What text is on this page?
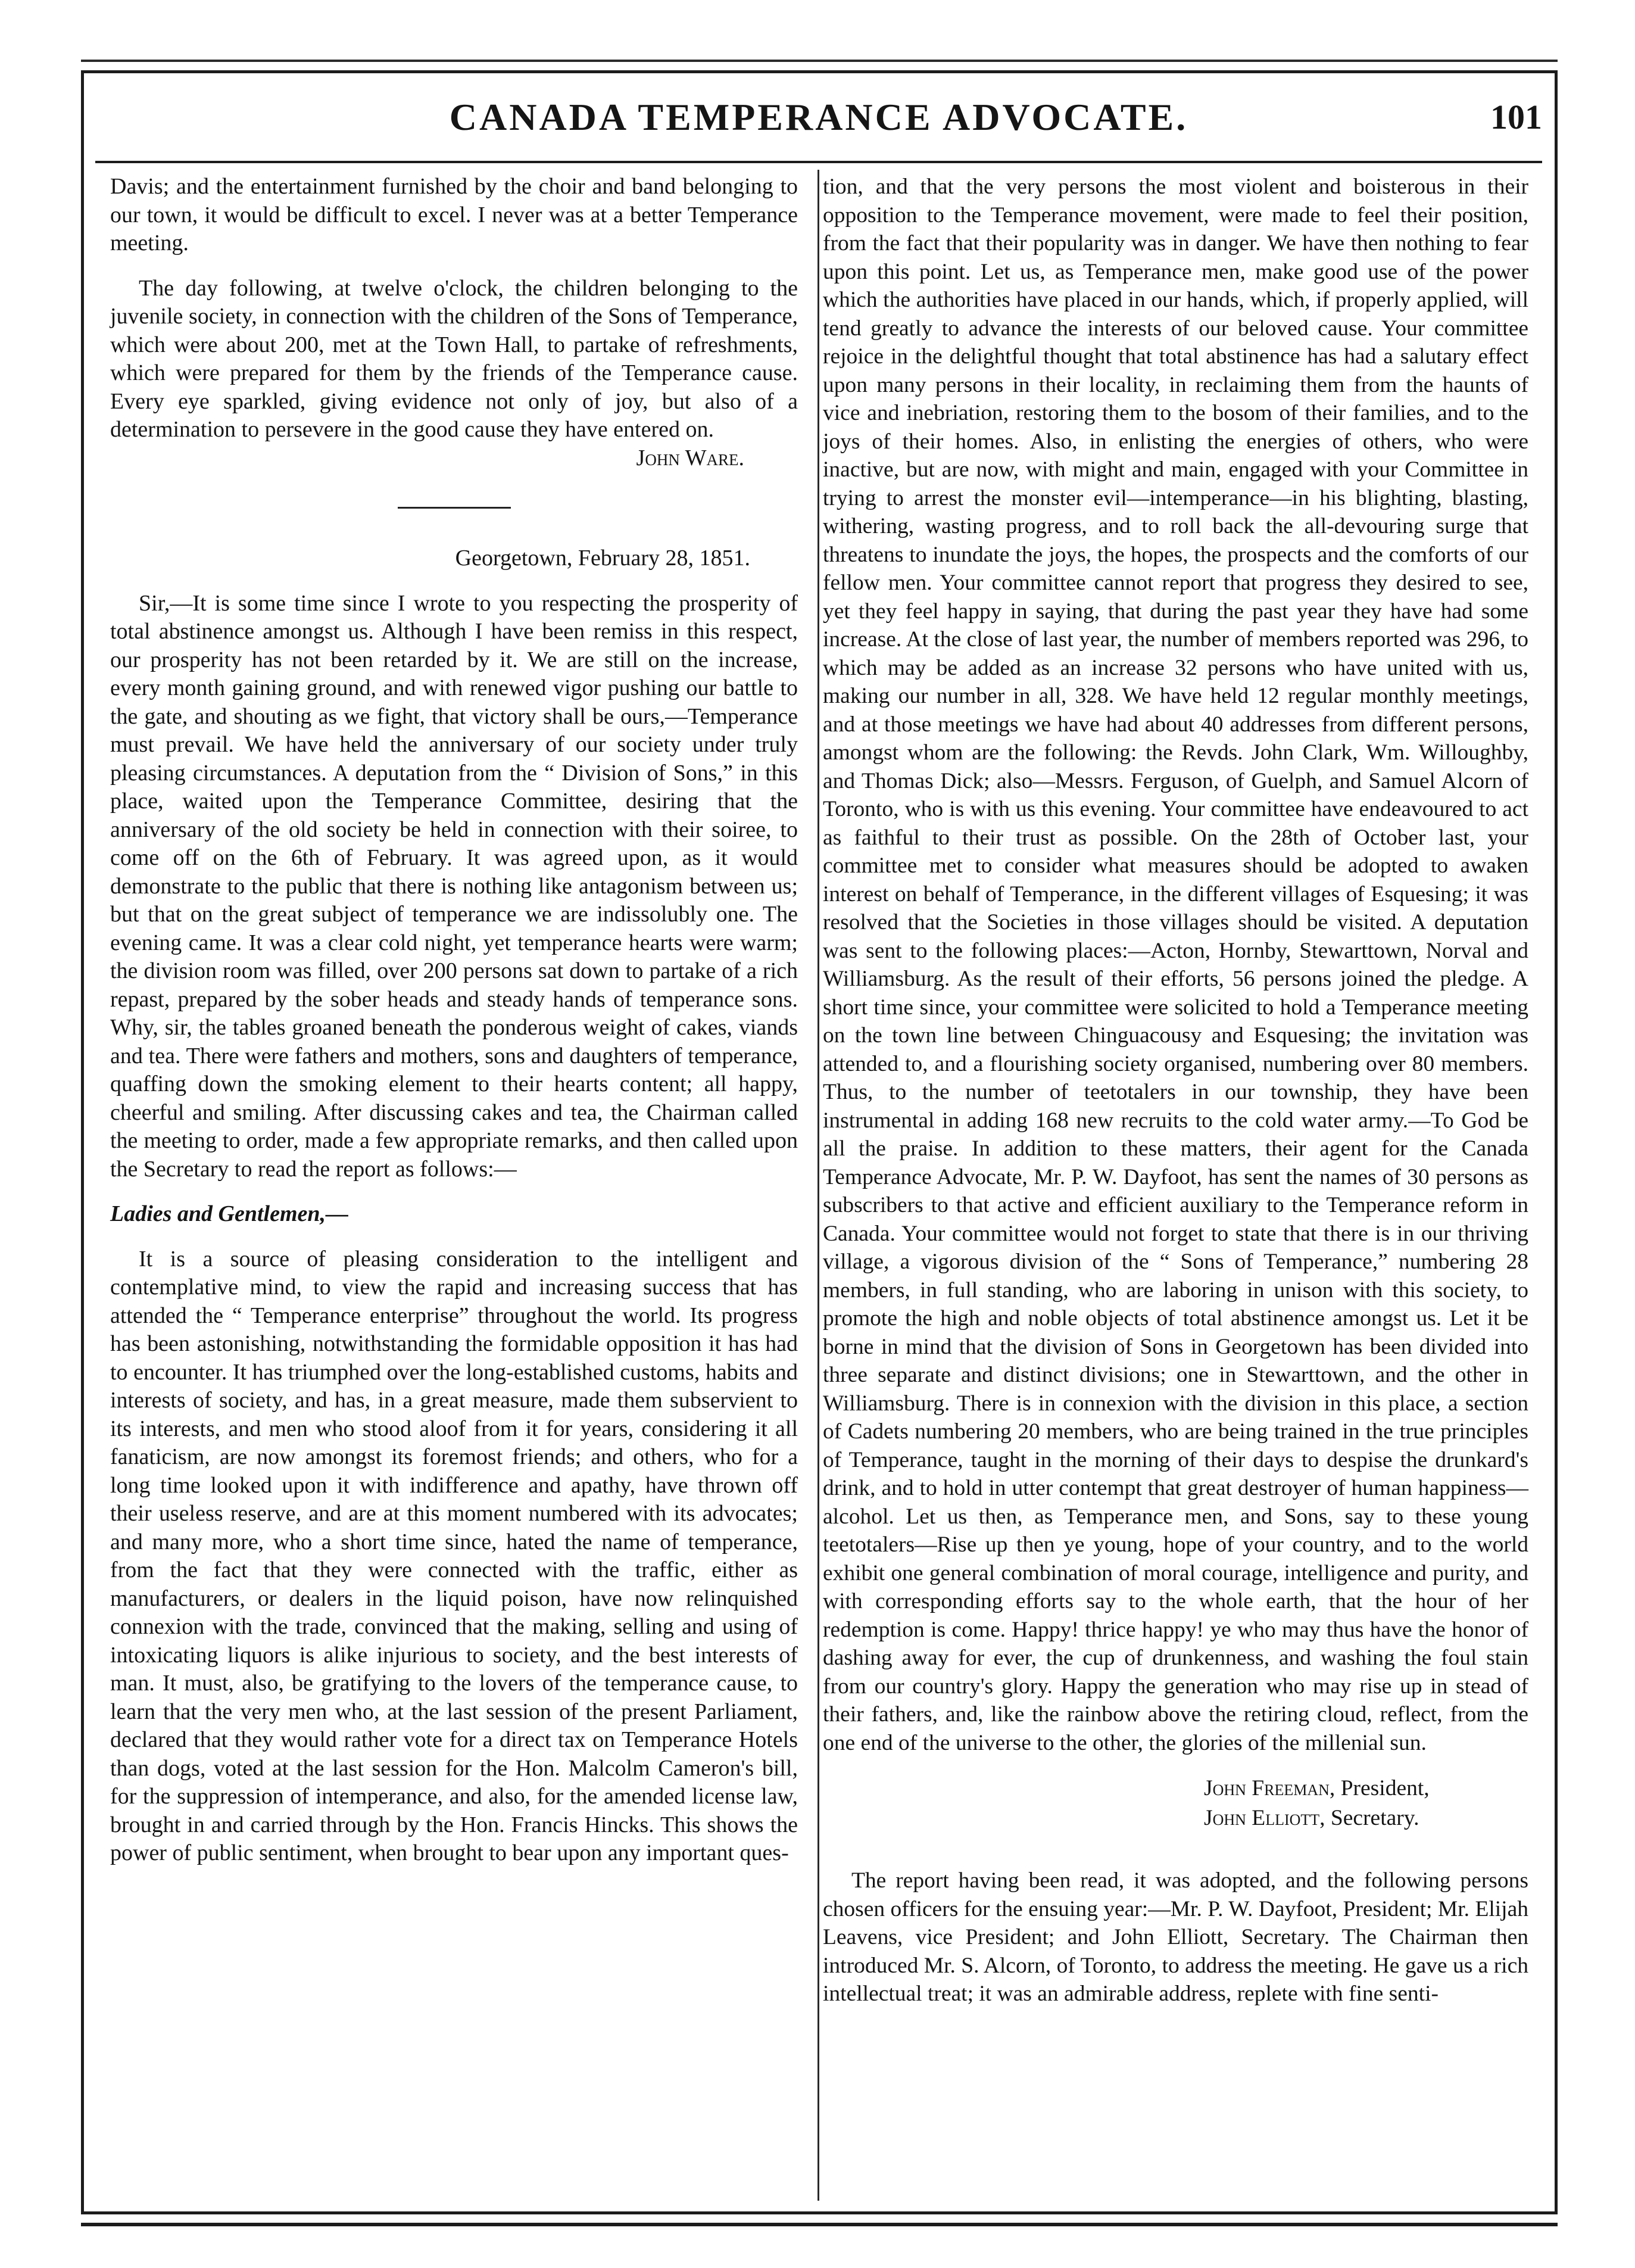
CANADA TEMPERANCE ADVOCATE.	101

Davis; and the entertainment furnished by the choir and band belonging to our town, it would be difficult to excel. I never was at a better Temperance meeting.

The day following, at twelve o'clock, the children belonging to the juvenile society, in connection with the children of the Sons of Temperance, which were about 200, met at the Town Hall, to partake of refreshments, which were prepared for them by the friends of the Temperance cause. Every eye sparkled, giving evidence not only of joy, but also of a determination to persevere in the good cause they have entered on.

John Ware.

Georgetown, February 28, 1851.

Sir,—It is some time since I wrote to you respecting the prosperity of total abstinence amongst us. Although I have been remiss in this respect, our prosperity has not been retarded by it. We are still on the increase, every month gaining ground, and with renewed vigor pushing our battle to the gate, and shouting as we fight, that victory shall be ours,—Temperance must prevail. We have held the anniversary of our society under truly pleasing circumstances. A deputation from the “ Division of Sons,” in this place, waited upon the Temperance Committee, desiring that the anniversary of the old society be held in connection with their soiree, to come off on the 6th of February. It was agreed upon, as it would demonstrate to the public that there is nothing like antagonism between us; but that on the great subject of temperance we are indissolubly one. The evening came. It was a clear cold night, yet temperance hearts were warm; the division room was filled, over 200 persons sat down to partake of a rich repast, prepared by the sober heads and steady hands of temperance sons. Why, sir, the tables groaned beneath the ponderous weight of cakes, viands and tea. There were fathers and mothers, sons and daughters of temperance, quaffing down the smoking element to their hearts content; all happy, cheerful and smiling. After discussing cakes and tea, the Chairman called the meeting to order, made a few appropriate remarks, and then called upon the Secretary to read the report as follows:—

Ladies and Gentlemen,—

It is a source of pleasing consideration to the intelligent and contemplative mind, to view the rapid and increasing success that has attended the “ Temperance enterprise” throughout the world. Its progress has been astonishing, notwithstanding the formidable opposition it has had to encounter. It has triumphed over the long-established customs, habits and interests of society, and has, in a great measure, made them subservient to its interests, and men who stood aloof from it for years, considering it all fanaticism, are now amongst its foremost friends; and others, who for a long time looked upon it with indifference and apathy, have thrown off their useless reserve, and are at this moment numbered with its advocates; and many more, who a short time since, hated the name of temperance, from the fact that they were connected with the traffic, either as manufacturers, or dealers in the liquid poison, have now relinquished connexion with the trade, convinced that the making, selling and using of intoxicating liquors is alike injurious to society, and the best interests of man. It must, also, be gratifying to the lovers of the temperance cause, to learn that the very men who, at the last session of the present Parliament, declared that they would rather vote for a direct tax on Temperance Hotels than dogs, voted at the last session for the Hon. Malcolm Cameron's bill, for the suppression of intemperance, and also, for the amended license law, brought in and carried through by the Hon. Francis Hincks. This shows the power of public sentiment, when brought to bear upon any important ques-

tion, and that the very persons the most violent and boisterous in their opposition to the Temperance movement, were made to feel their position, from the fact that their popularity was in danger. We have then nothing to fear upon this point. Let us, as Temperance men, make good use of the power which the authorities have placed in our hands, which, if properly applied, will tend greatly to advance the interests of our beloved cause. Your committee rejoice in the delightful thought that total abstinence has had a salutary effect upon many persons in their locality, in reclaiming them from the haunts of vice and inebriation, restoring them to the bosom of their families, and to the joys of their homes. Also, in enlisting the energies of others, who were inactive, but are now, with might and main, engaged with your Committee in trying to arrest the monster evil—intemperance—in his blighting, blasting, withering, wasting progress, and to roll back the all-devouring surge that threatens to inundate the joys, the hopes, the prospects and the comforts of our fellow men. Your committee cannot report that progress they desired to see, yet they feel happy in saying, that during the past year they have had some increase. At the close of last year, the number of members reported was 296, to which may be added as an increase 32 persons who have united with us, making our number in all, 328. We have held 12 regular monthly meetings, and at those meetings we have had about 40 addresses from different persons, amongst whom are the following: the Revds. John Clark, Wm. Willoughby, and Thomas Dick; also—Messrs. Ferguson, of Guelph, and Samuel Alcorn of Toronto, who is with us this evening. Your committee have endeavoured to act as faithful to their trust as possible. On the 28th of October last, your committee met to consider what measures should be adopted to awaken interest on behalf of Temperance, in the different villages of Esquesing; it was resolved that the Societies in those villages should be visited. A deputation was sent to the following places:—Acton, Hornby, Stewarttown, Norval and Williamsburg. As the result of their efforts, 56 persons joined the pledge. A short time since, your committee were solicited to hold a Temperance meeting on the town line between Chinguacousy and Esquesing; the invitation was attended to, and a flourishing society organised, numbering over 80 members. Thus, to the number of teetotalers in our township, they have been instrumental in adding 168 new recruits to the cold water army.—To God be all the praise. In addition to these matters, their agent for the Canada Temperance Advocate, Mr. P. W. Dayfoot, has sent the names of 30 persons as subscribers to that active and efficient auxiliary to the Temperance reform in Canada. Your committee would not forget to state that there is in our thriving village, a vigorous division of the “ Sons of Temperance,” numbering 28 members, in full standing, who are laboring in unison with this society, to promote the high and noble objects of total abstinence amongst us. Let it be borne in mind that the division of Sons in Georgetown has been divided into three separate and distinct divisions; one in Stewarttown, and the other in Williamsburg. There is in connexion with the division in this place, a section of Cadets numbering 20 members, who are being trained in the true principles of Temperance, taught in the morning of their days to despise the drunkard's drink, and to hold in utter contempt that great destroyer of human happiness—alcohol. Let us then, as Temperance men, and Sons, say to these young teetotalers—Rise up then ye young, hope of your country, and to the world exhibit one general combination of moral courage, intelligence and purity, and with corresponding efforts say to the whole earth, that the hour of her redemption is come. Happy! thrice happy! ye who may thus have the honor of dashing away for ever, the cup of drunkenness, and washing the foul stain from our country's glory. Happy the generation who may rise up in stead of their fathers, and, like the rainbow above the retiring cloud, reflect, from the one end of the universe to the other, the glories of the millenial sun.

John Freeman, President,
John Elliott, Secretary.

The report having been read, it was adopted, and the following persons chosen officers for the ensuing year:—Mr. P. W. Dayfoot, President; Mr. Elijah Leavens, vice President; and John Elliott, Secretary. The Chairman then introduced Mr. S. Alcorn, of Toronto, to address the meeting. He gave us a rich intellectual treat; it was an admirable address, replete with fine senti-
